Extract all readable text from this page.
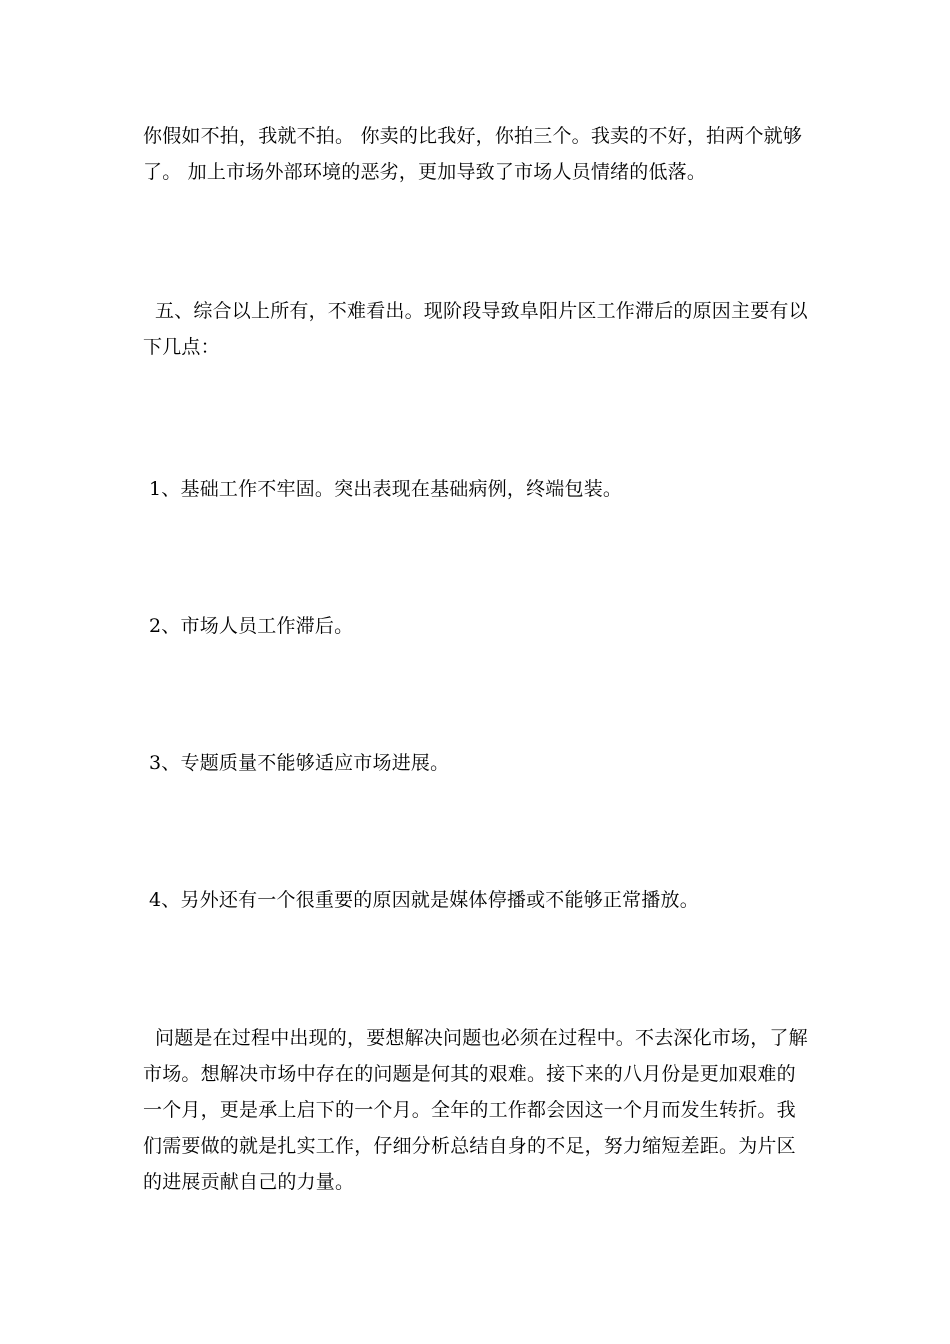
你假如不拍，我就不拍。 你卖的比我好，你拍三个。我卖的不好，拍两个就够
了。 加上市场外部环境的恶劣，更加导致了市场人员情绪的低落。
五、综合以上所有，不难看出。现阶段导致阜阳片区工作滞后的原因主要有以
下几点：
1、基础工作不牢固。突出表现在基础病例，终端包装。
2、市场人员工作滞后。
3、专题质量不能够适应市场进展。
4、另外还有一个很重要的原因就是媒体停播或不能够正常播放。
问题是在过程中出现的，要想解决问题也必须在过程中。不去深化市场，了解
市场。想解决市场中存在的问题是何其的艰难。接下来的八月份是更加艰难的
一个月，更是承上启下的一个月。全年的工作都会因这一个月而发生转折。我
们需要做的就是扎实工作，仔细分析总结自身的不足，努力缩短差距。为片区
的进展贡献自己的力量。
